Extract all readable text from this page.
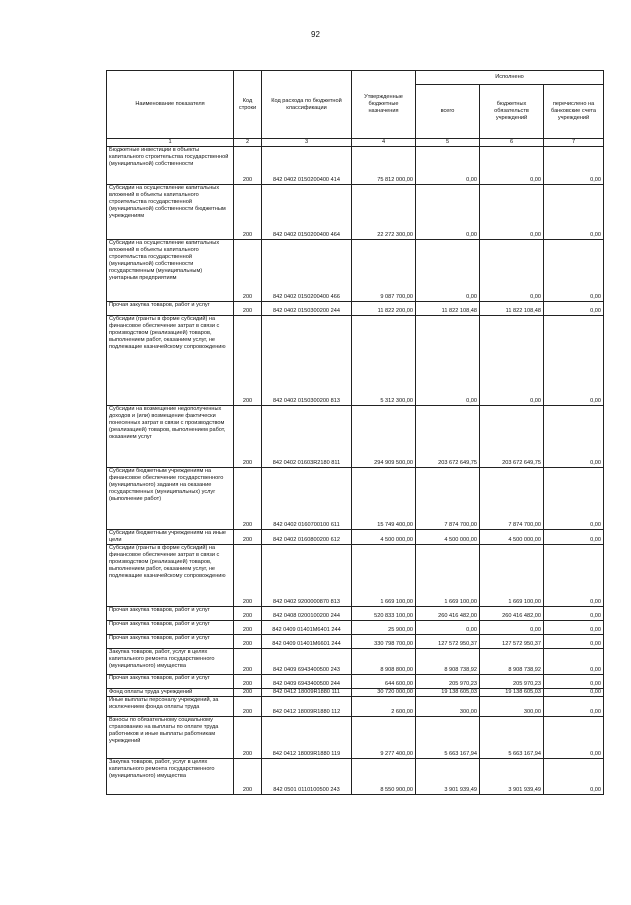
92
Наименование показателя	Код строки	Код расхода по бюджетной классификации	Утвержденные бюджетные назначения	Исполнено		
				всего	бюджетных обязательств учреждений	перечислено на банковские счета учреждений
1	2	3	4	5	6	7
Бюджетные инвестиции в объекты капитального строительства государственной (муниципальной) собственности	200	842 0402 0150200400 414	75 812 000,00	0,00	0,00	0,00
Субсидии на осуществление капитальных вложений в объекты капитального строительства государственной (муниципальной) собственности бюджетным учреждениям	200	842 0402 0150200400 464	22 272 300,00	0,00	0,00	0,00
Субсидии на осуществление капитальных вложений в объекты капитального строительства государственной (муниципальной) собственности государственным (муниципальным) унитарным предприятиям	200	842 0402 0150200400 466	9 087 700,00	0,00	0,00	0,00
Прочая закупка товаров, работ и услуг	200	842 0402 0150300200 244	11 822 200,00	11 822 108,48	11 822 108,48	0,00
Субсидии (гранты в форме субсидий) на финансовое обеспечение затрат в связи с производством (реализацией) товаров, выполнением работ, оказанием услуг, не подлежащие казначейскому сопровождению	200	842 0402 0150300200 813	5 312 300,00	0,00	0,00	0,00
Субсидии на возмещение недополученных доходов и (или) возмещение фактически понесенных затрат в связи с производством (реализацией) товаров, выполнением работ, оказанием услуг	200	842 0402 01603R2180 811	294 909 500,00	203 672 649,75	203 672 649,75	0,00
Субсидии бюджетным учреждениям на финансовое обеспечение государственного (муниципального) задания на оказание государственных (муниципальных) услуг (выполнение работ)	200	842 0402 0160700100 611	15 749 400,00	7 874 700,00	7 874 700,00	0,00
Субсидии бюджетным учреждениям на иные цели	200	842 0402 0160800200 612	4 500 000,00	4 500 000,00	4 500 000,00	0,00
Субсидии (гранты в форме субсидий) на финансовое обеспечение затрат в связи с производством (реализацией) товаров, выполнением работ, оказанием услуг, не подлежащие казначейскому сопровождению	200	842 0402 9200000870 813	1 669 100,00	1 669 100,00	1 669 100,00	0,00
Прочая закупка товаров, работ и услуг	200	842 0408 0200100200 244	520 833 100,00	260 416 482,00	260 416 482,00	0,00
Прочая закупка товаров, работ и услуг	200	842 0409 01401M6401 244	25 900,00	0,00	0,00	0,00
Прочая закупка товаров, работ и услуг	200	842 0409 01401M6601 244	330 798 700,00	127 572 950,37	127 572 950,37	0,00
Закупка товаров, работ, услуг в целях капитального ремонта государственного (муниципального) имущества	200	842 0409 6943400500 243	8 908 800,00	8 908 738,92	8 908 738,92	0,00
Прочая закупка товаров, работ и услуг	200	842 0409 6943400500 244	644 600,00	205 970,23	205 970,23	0,00
Фонд оплаты труда учреждений	200	842 0412 18009R1880 111	30 720 000,00	19 138 605,03	19 138 605,03	0,00
Иные выплаты персоналу учреждений, за исключением фонда оплаты труда	200	842 0412 18009R1880 112	2 600,00	300,00	300,00	0,00
Взносы по обязательному социальному страхованию на выплаты по оплате труда работников и иные выплаты работникам учреждений	200	842 0412 18009R1880 119	9 277 400,00	5 663 167,94	5 663 167,94	0,00
Закупка товаров, работ, услуг в целях капитального ремонта государственного (муниципального) имущества	200	842 0501 0110100500 243	8 550 900,00	3 901 939,49	3 901 939,49	0,00
